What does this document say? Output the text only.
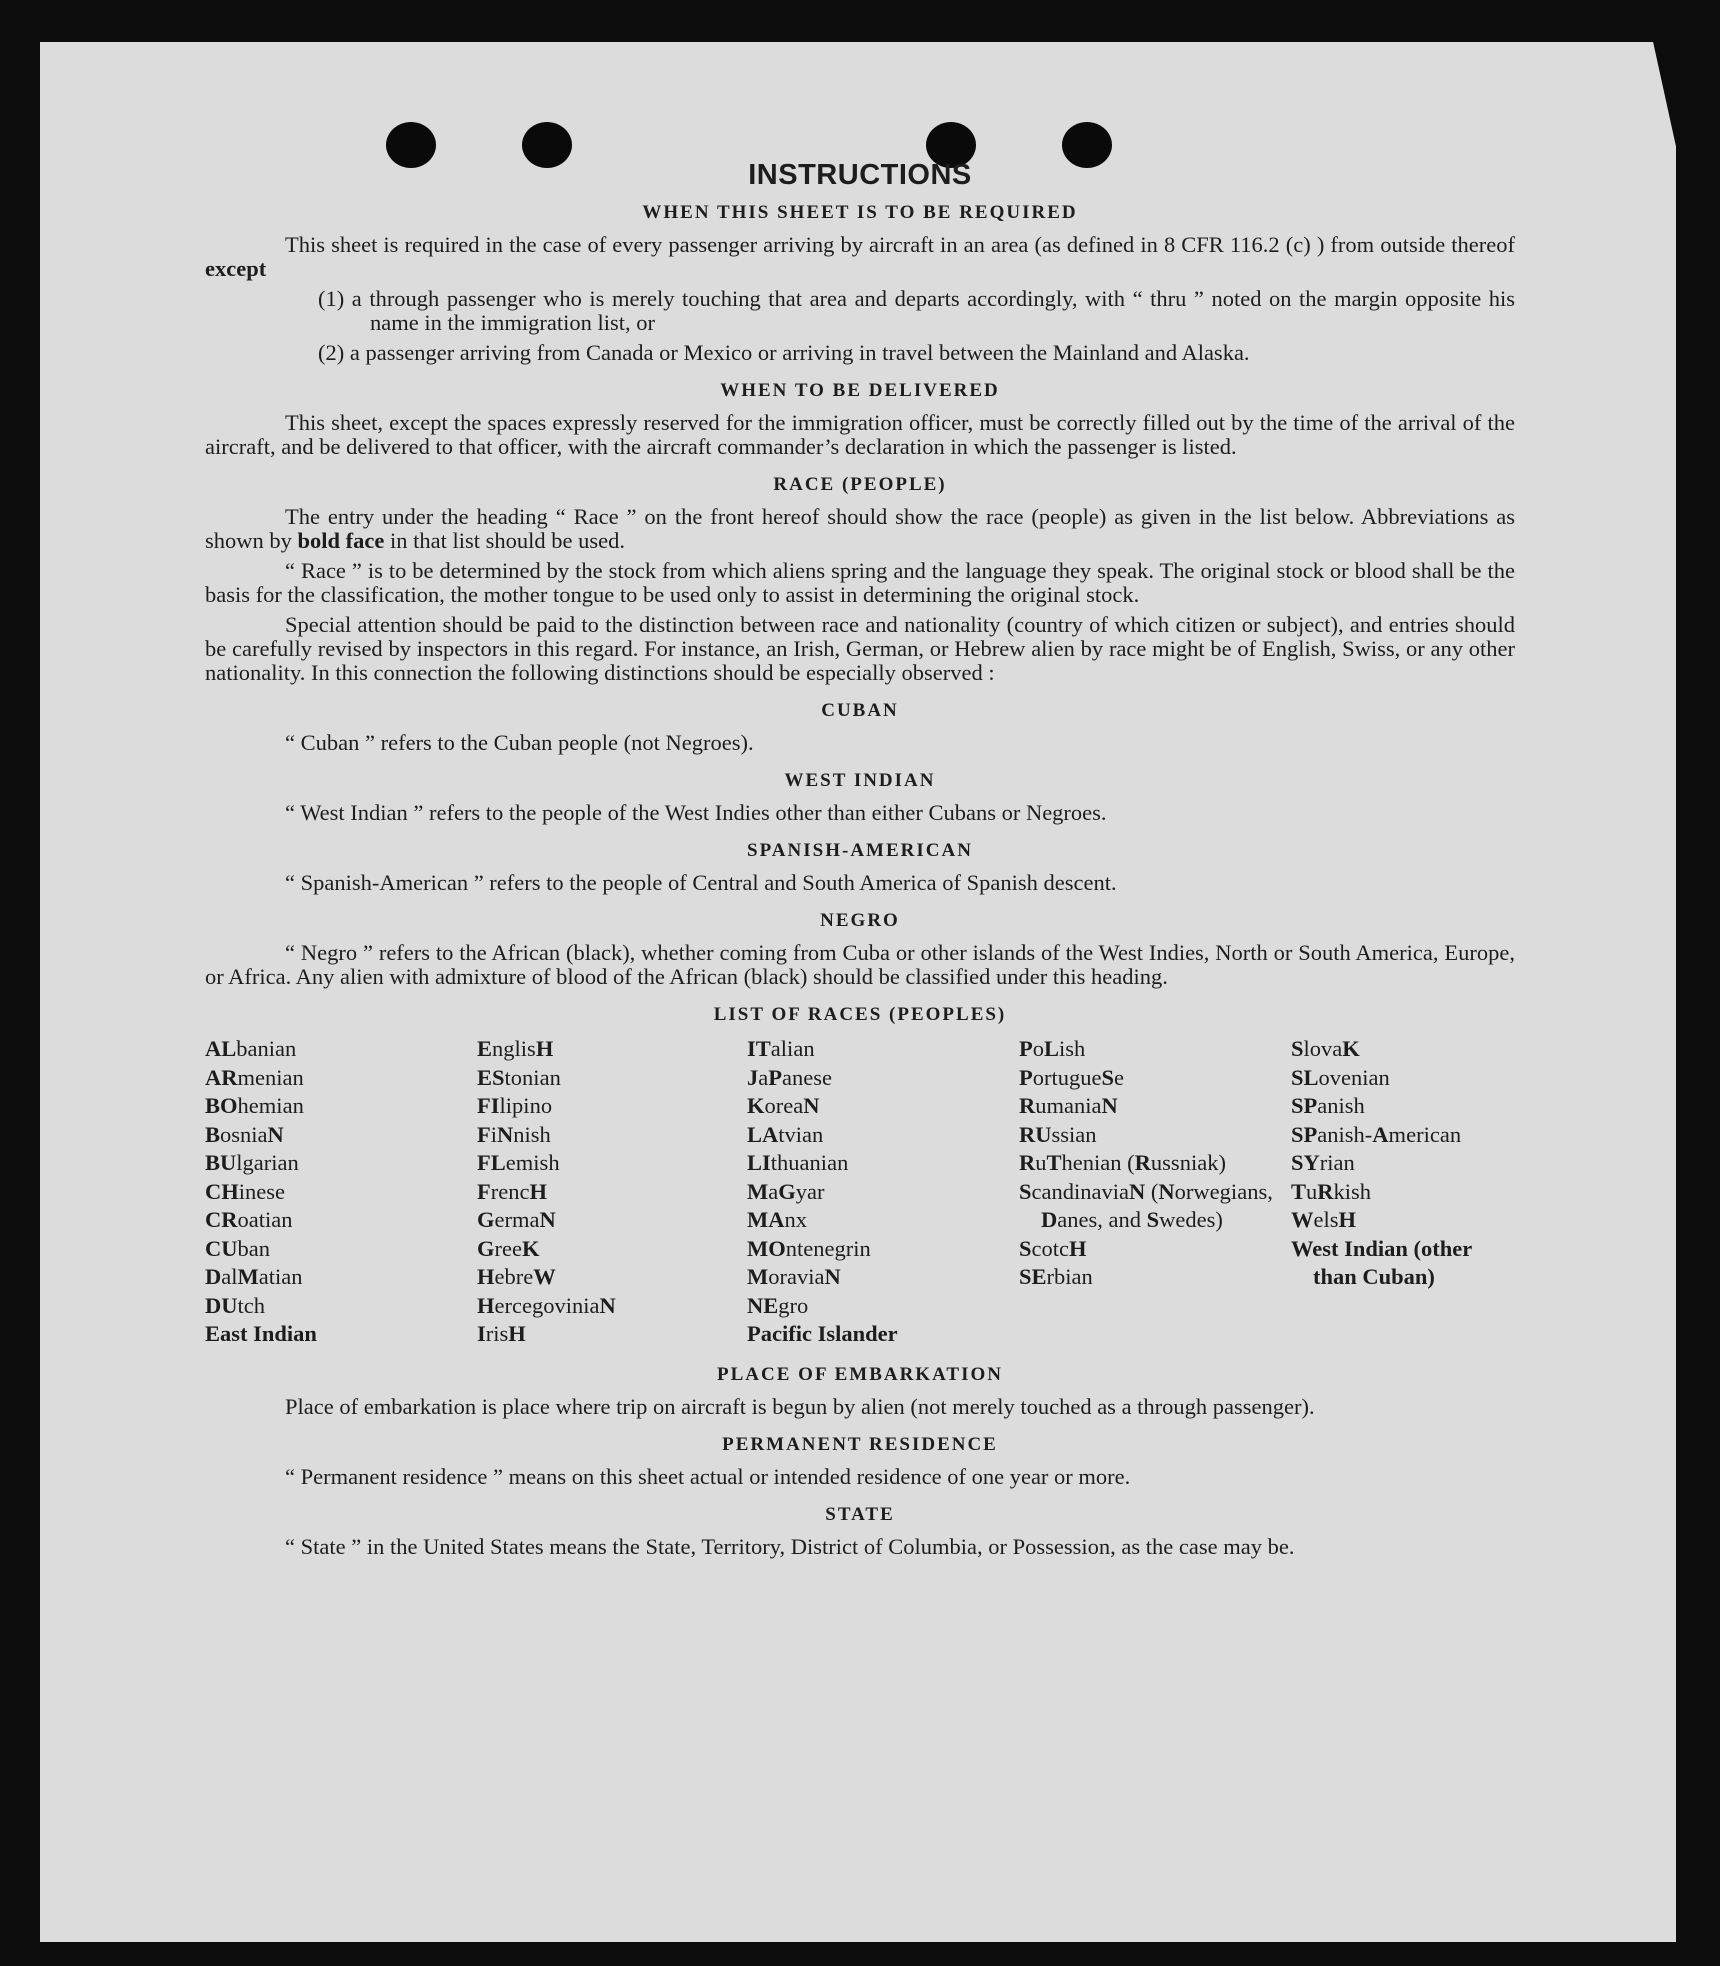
INSTRUCTIONS
WHEN THIS SHEET IS TO BE REQUIRED

This sheet is required in the case of every passenger arriving by aircraft in an area (as defined in 8 CFR 116.2 (c) ) from outside thereof except

(1) a through passenger who is merely touching that area and departs accordingly, with “ thru ” noted on the margin opposite his name in the immigration list, or

(2) a passenger arriving from Canada or Mexico or arriving in travel between the Mainland and Alaska.

WHEN TO BE DELIVERED

This sheet, except the spaces expressly reserved for the immigration officer, must be correctly filled out by the time of the arrival of the aircraft, and be delivered to that officer, with the aircraft commander’s declaration in which the passenger is listed.

RACE (PEOPLE)

The entry under the heading “ Race ” on the front hereof should show the race (people) as given in the list below. Abbreviations as shown by bold face in that list should be used.

“ Race ” is to be determined by the stock from which aliens spring and the language they speak. The original stock or blood shall be the basis for the classification, the mother tongue to be used only to assist in determining the original stock.

Special attention should be paid to the distinction between race and nationality (country of which citizen or subject), and entries should be carefully revised by inspectors in this regard. For instance, an Irish, German, or Hebrew alien by race might be of English, Swiss, or any other nationality. In this connection the following distinctions should be especially observed :

CUBAN

“ Cuban ” refers to the Cuban people (not Negroes).

WEST INDIAN

“ West Indian ” refers to the people of the West Indies other than either Cubans or Negroes.

SPANISH-AMERICAN

“ Spanish-American ” refers to the people of Central and South America of Spanish descent.

NEGRO

“ Negro ” refers to the African (black), whether coming from Cuba or other islands of the West Indies, North or South America, Europe, or Africa. Any alien with admixture of blood of the African (black) should be classified under this heading.

LIST OF RACES (PEOPLES)
ALbanian
ARmenian
BOhemian
BosniaN
BUlgarian
CHinese
CRoatian
CUban
DalMatian
DUtch
East Indian
EnglisH
EStonian
FIlipino
FiNnish
FLemish
FrencH
GermaN
GreeK
HebreW
HercegoviniaN
IrisH
ITalian
JaPanese
KoreaN
LAtvian
LIthuanian
MaGyar
MAnx
MOntenegrin
MoraviaN
NEgro
Pacific Islander
PoLish
PortugueSe
RumaniaN
RUssian
RuThenian (Russniak)
ScandinaviaN (Norwegians, Danes, and Swedes)
ScotcH
SErbian
SlovaK
SLovenian
SPanish
SPanish-American
SYrian
TuRkish
WelsH
West Indian (other than Cuban)
PLACE OF EMBARKATION

Place of embarkation is place where trip on aircraft is begun by alien (not merely touched as a through passenger).

PERMANENT RESIDENCE

“ Permanent residence ” means on this sheet actual or intended residence of one year or more.

STATE

“ State ” in the United States means the State, Territory, District of Columbia, or Possession, as the case may be.
